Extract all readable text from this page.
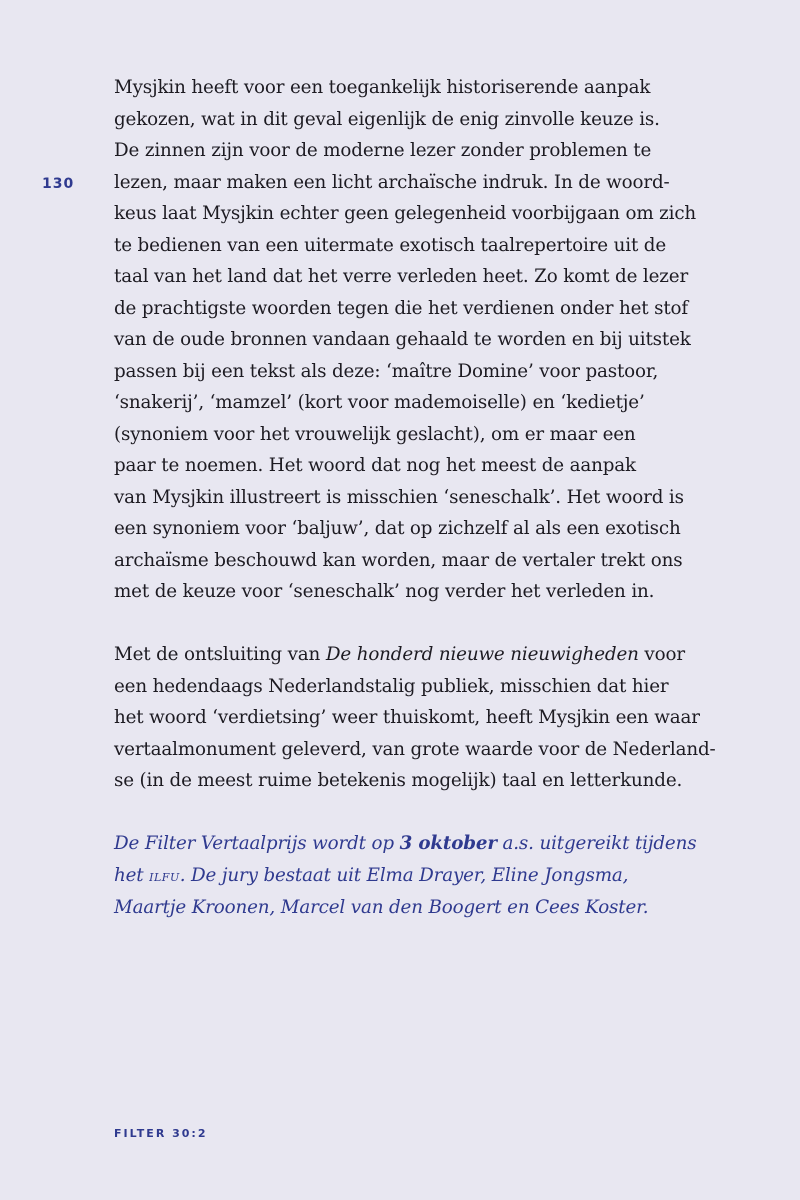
130

Mysjkin heeft voor een toegankelijk historiserende aanpak
gekozen, wat in dit geval eigenlijk de enig zinvolle keuze is.
De zinnen zijn voor de moderne lezer zonder problemen te
lezen, maar maken een licht archaïsche indruk. In de woord-
keus laat Mysjkin echter geen gelegenheid voorbijgaan om zich
te bedienen van een uitermate exotisch taalrepertoire uit de
taal van het land dat het verre verleden heet. Zo komt de lezer
de prachtigste woorden tegen die het verdienen onder het stof
van de oude bronnen vandaan gehaald te worden en bij uitstek
passen bij een tekst als deze: ‘maître Domine’ voor pastoor,
‘snakerij’, ‘mamzel’ (kort voor mademoiselle) en ‘kedietje’
(synoniem voor het vrouwelijk geslacht), om er maar een
paar te noemen. Het woord dat nog het meest de aanpak
van Mysjkin illustreert is misschien ‘seneschalk’. Het woord is
een synoniem voor ‘baljuw’, dat op zichzelf al als een exotisch
archaïsme beschouwd kan worden, maar de vertaler trekt ons
met de keuze voor ‘seneschalk’ nog verder het verleden in.

Met de ontsluiting van De honderd nieuwe nieuwigheden voor
een hedendaags Nederlandstalig publiek, misschien dat hier
het woord ‘verdietsing’ weer thuiskomt, heeft Mysjkin een waar
vertaalmonument geleverd, van grote waarde voor de Nederland-
se (in de meest ruime betekenis mogelijk) taal en letterkunde.

De Filter Vertaalprijs wordt op 3 oktober a.s. uitgereikt tijdens
het ilfu. De jury bestaat uit Elma Drayer, Eline Jongsma,
Maartje Kroonen, Marcel van den Boogert en Cees Koster.

FILTER 30:2
